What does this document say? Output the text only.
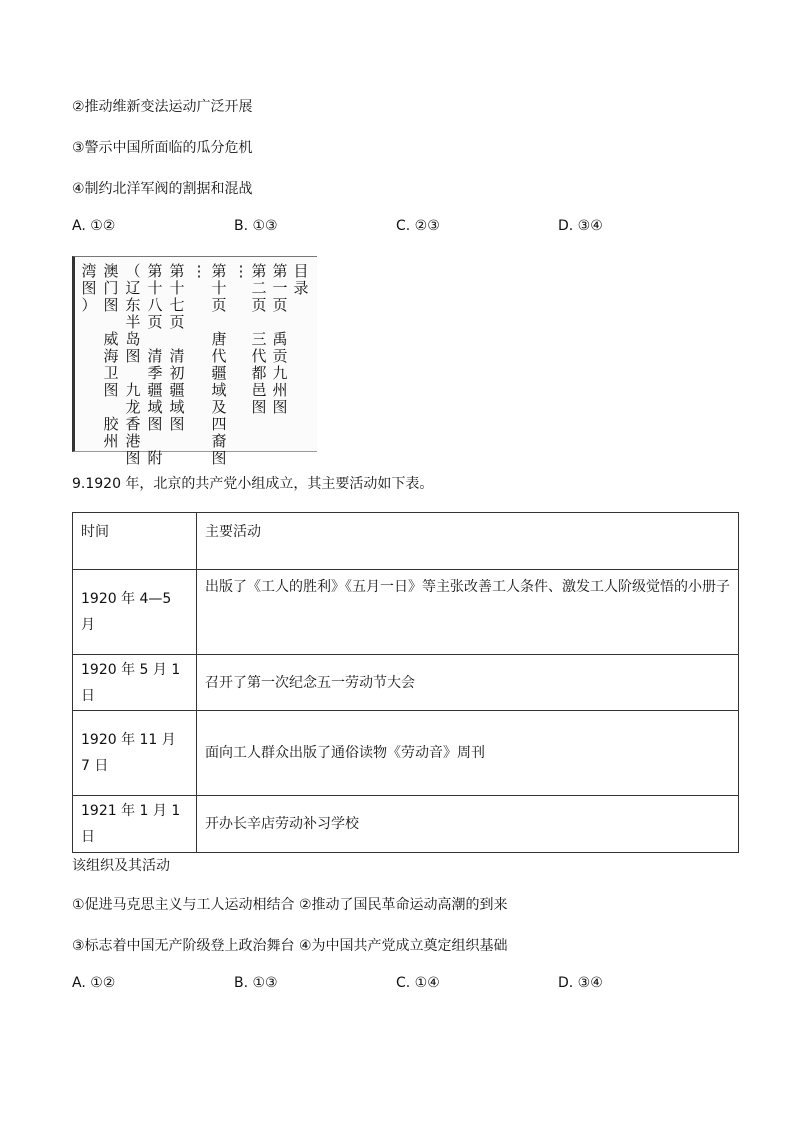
②推动维新变法运动广泛开展
③警示中国所面临的瓜分危机
④制约北洋军阀的割据和混战
A. ①②	B. ①③	C. ②③	D. ③④
目
录
第
一
页

禹
贡
九
州
图
第
二
页

三
代
都
邑
图
⋮
第
十
页

唐
代
疆
域
及
四
裔
图
⋮
第
十
七
页

清
初
疆
域
图
第
十
八
页

清
季
疆
域
图

附
（
辽
东
半
岛
图

九
龙
香
港
图
澳
门
图

威
海
卫
图

胶
州
湾
图
）
9.1920 年，北京的共产党小组成立，其主要活动如下表。
时间	主要活动
1920 年 4—5 月	出版了《工人的胜利》《五月一日》等主张改善工人条件、激发工人阶级觉悟的小册子
1920 年 5 月 1 日	召开了第一次纪念五一劳动节大会
1920 年 11 月 7 日	面向工人群众出版了通俗读物《劳动音》周刊
1921 年 1 月 1 日	开办长辛店劳动补习学校
该组织及其活动
①促进马克思主义与工人运动相结合 ②推动了国民革命运动高潮的到来
③标志着中国无产阶级登上政治舞台 ④为中国共产党成立奠定组织基础
A. ①②	B. ①③	C. ①④	D. ③④
